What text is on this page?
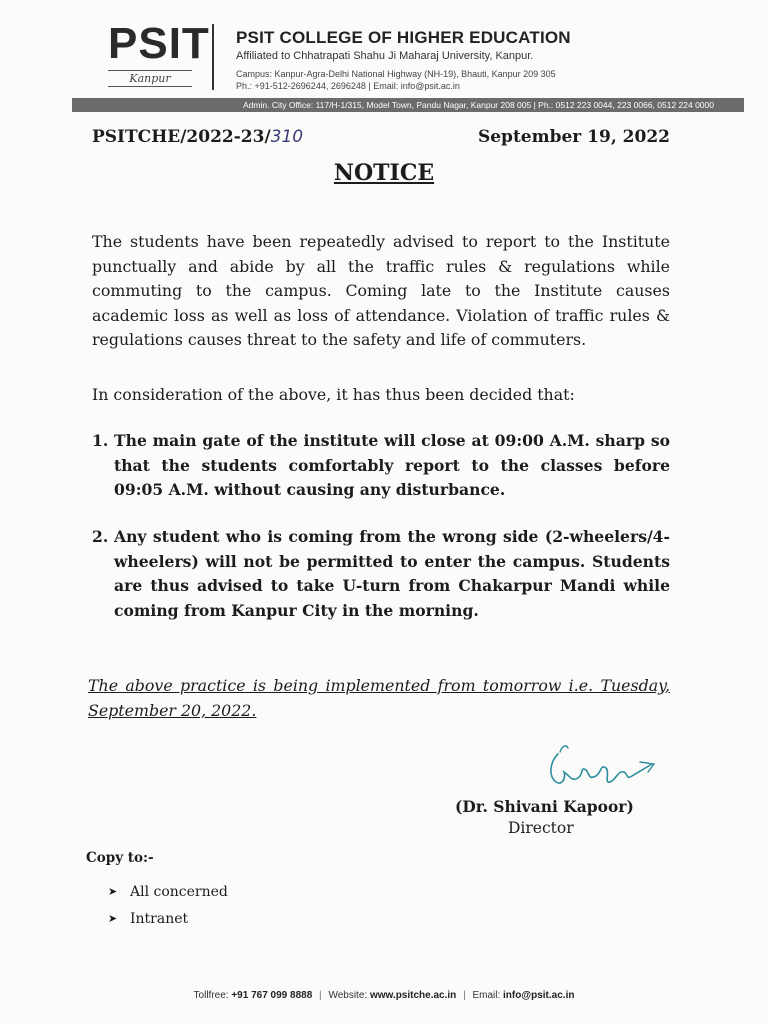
PSIT
Kanpur
PSIT COLLEGE OF HIGHER EDUCATION
Affiliated to Chhatrapati Shahu Ji Maharaj University, Kanpur.
Campus: Kanpur-Agra-Delhi National Highway (NH-19), Bhauti, Kanpur 209 305
Ph.: +91-512-2696244, 2696248 | Email: info@psit.ac.in
Admin. City Office: 117/H-1/315, Model Town, Pandu Nagar, Kanpur 208 005 | Ph.: 0512 223 0044, 223 0066, 0512 224 0000
PSITCHE/2022-23/310	September 19, 2022
NOTICE
The students have been repeatedly advised to report to the Institute punctually and abide by all the traffic rules & regulations while commuting to the campus. Coming late to the Institute causes academic loss as well as loss of attendance. Violation of traffic rules & regulations causes threat to the safety and life of commuters.
In consideration of the above, it has thus been decided that:
1. The main gate of the institute will close at 09:00 A.M. sharp so that the students comfortably report to the classes before 09:05 A.M. without causing any disturbance.
2. Any student who is coming from the wrong side (2-wheelers/4-wheelers) will not be permitted to enter the campus. Students are thus advised to take U-turn from Chakarpur Mandi while coming from Kanpur City in the morning.
The above practice is being implemented from tomorrow i.e. Tuesday, September 20, 2022.
(Dr. Shivani Kapoor)
Director
Copy to:-
➤ All concerned
➤ Intranet
Tollfree: +91 767 099 8888 | Website: www.psitche.ac.in | Email: info@psit.ac.in
